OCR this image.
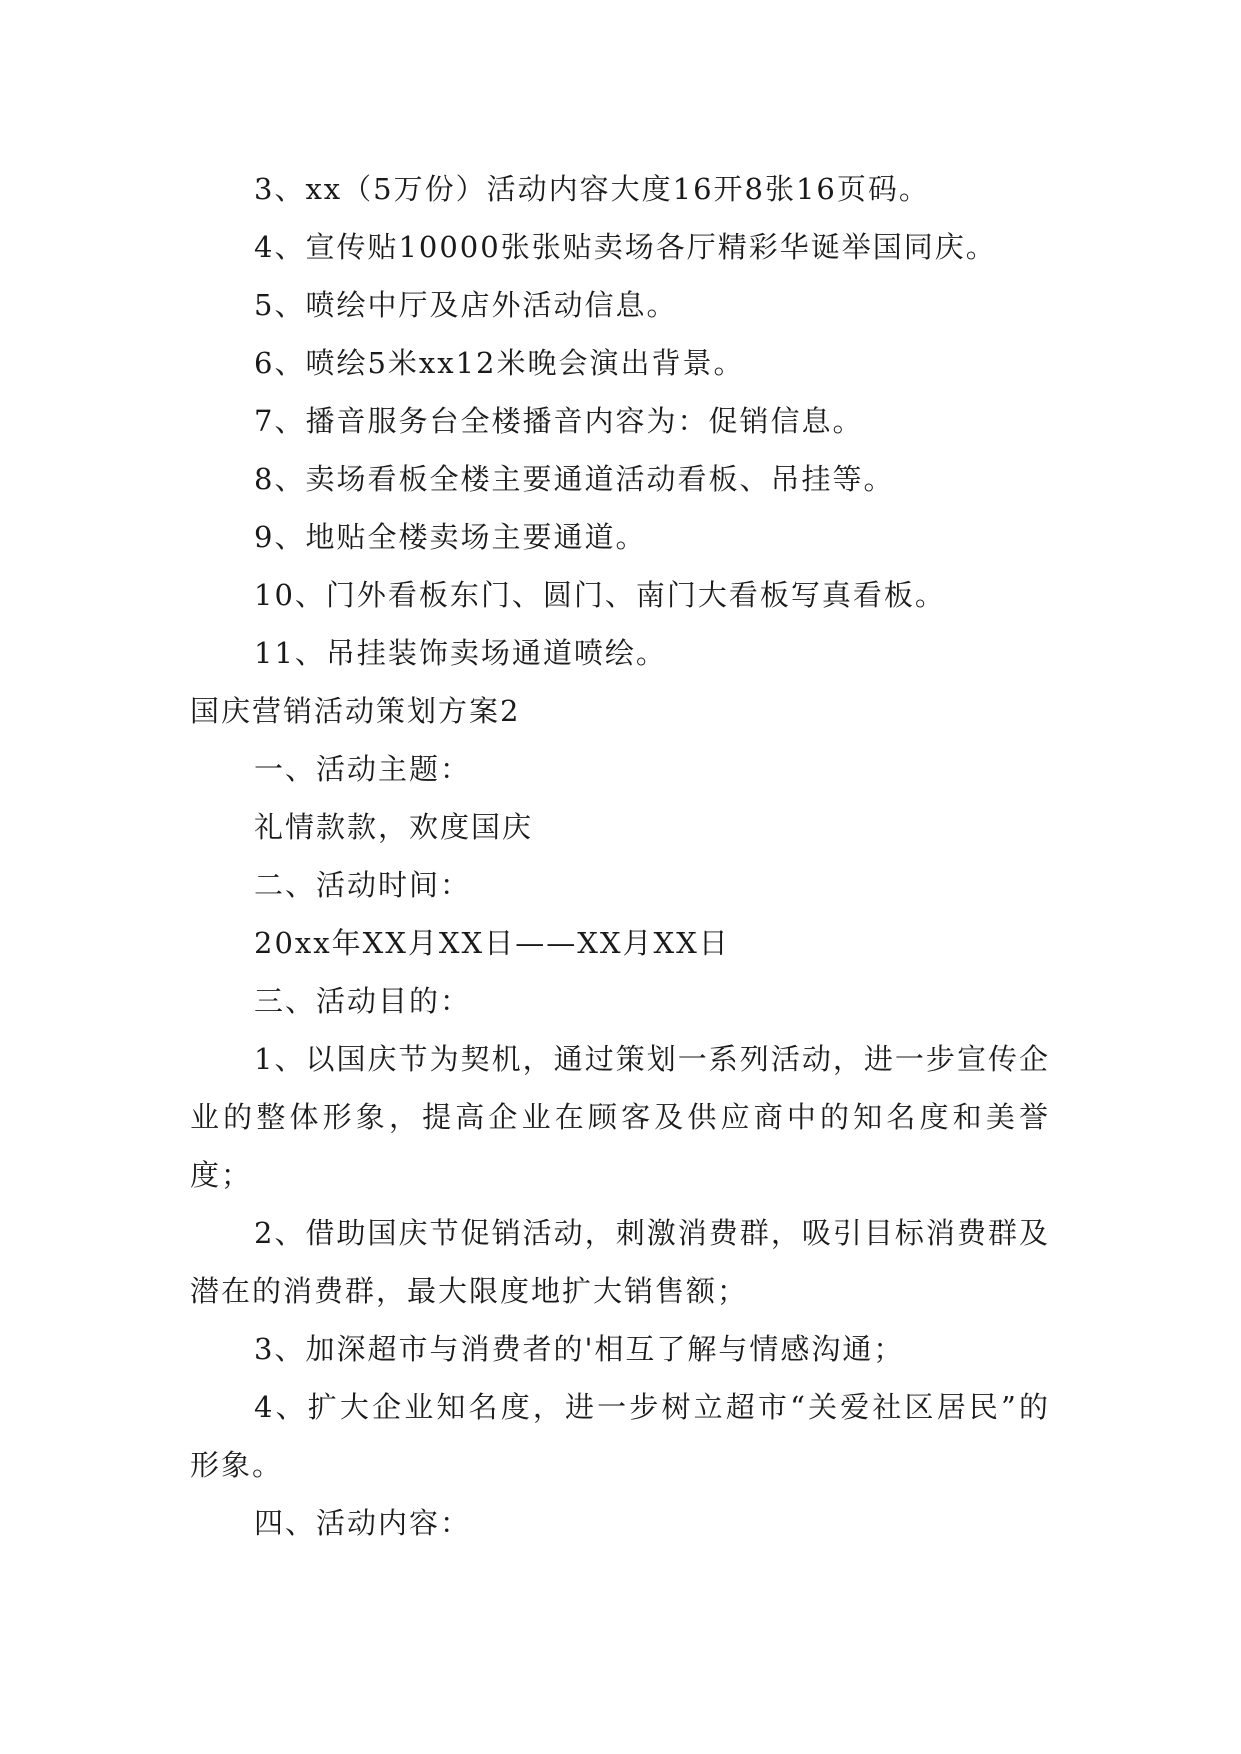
3、xx（5万份）活动内容大度16开8张16页码。
4、宣传贴10000张张贴卖场各厅精彩华诞举国同庆。
5、喷绘中厅及店外活动信息。
6、喷绘5米xx12米晚会演出背景。
7、播音服务台全楼播音内容为：促销信息。
8、卖场看板全楼主要通道活动看板、吊挂等。
9、地贴全楼卖场主要通道。
10、门外看板东门、圆门、南门大看板写真看板。
11、吊挂装饰卖场通道喷绘。
国庆营销活动策划方案2
一、活动主题：
礼情款款，欢度国庆
二、活动时间：
20xx年XX月XX日——XX月XX日
三、活动目的：

1、以国庆节为契机，通过策划一系列活动，进一步宣传企业的整体形象，提高企业在顾客及供应商中的知名度和美誉度；

2、借助国庆节促销活动，刺激消费群，吸引目标消费群及潜在的消费群，最大限度地扩大销售额；

3、加深超市与消费者的'相互了解与情感沟通；

4、扩大企业知名度，进一步树立超市“关爱社区居民”的形象。

四、活动内容：
